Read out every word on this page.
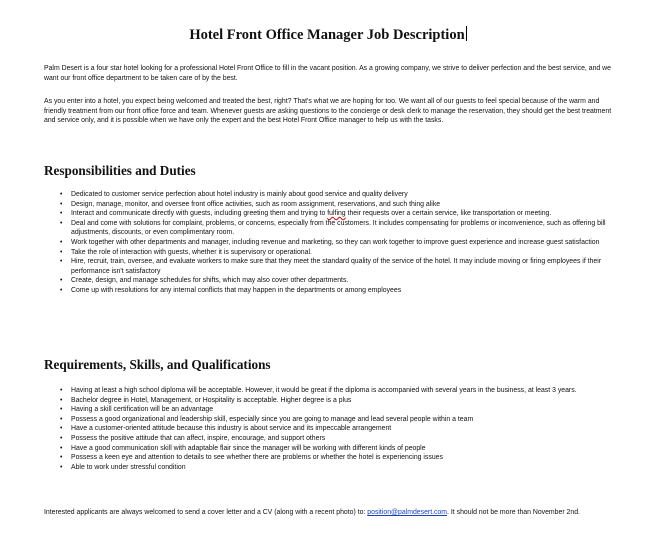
Hotel Front Office Manager Job Description

Palm Desert is a four star hotel looking for a professional Hotel Front Office to fill in the vacant position. As a growing company, we strive to deliver perfection and the best service, and we want our front office department to be taken care of by the best.

As you enter into a hotel, you expect being welcomed and treated the best, right? That's what we are hoping for too. We want all of our guests to feel special because of the warm and friendly treatment from our front office force and team. Whenever guests are asking questions to the concierge or desk clerk to manage the reservation, they should get the best treatment and service only, and it is possible when we have only the expert and the best Hotel Front Office manager to help us with the tasks.

Responsibilities and Duties
• Dedicated to customer service perfection about hotel industry is mainly about good service and quality delivery
• Design, manage, monitor, and oversee front office activities, such as room assignment, reservations, and such thing alike
• Interact and communicate directly with guests, including greeting them and trying to fulfing their requests over a certain service, like transportation or meeting.
• Deal and come with solutions for complaint, problems, or concerns, especially from the customers. It includes compensating for problems or inconvenience, such as offering bill adjustments, discounts, or even complimentary room.
• Work together with other departments and manager, including revenue and marketing, so they can work together to improve guest experience and increase guest satisfaction
• Take the role of interaction with guests, whether it is supervisory or operational.
• Hire, recruit, train, oversee, and evaluate workers to make sure that they meet the standard quality of the service of the hotel. It may include moving or firing employees if their performance isn't satisfactory
• Create, design, and manage schedules for shifts, which may also cover other departments.
• Come up with resolutions for any internal conflicts that may happen in the departments or among employees
Requirements, Skills, and Qualifications
• Having at least a high school diploma will be acceptable. However, it would be great if the diploma is accompanied with several years in the business, at least 3 years.
• Bachelor degree in Hotel, Management, or Hospitality is acceptable. Higher degree is a plus
• Having a skill certification will be an advantage
• Possess a good organizational and leadership skill, especially since you are going to manage and lead several people within a team
• Have a customer-oriented attitude because this industry is about service and its impeccable arrangement
• Possess the positive attitude that can affect, inspire, encourage, and support others
• Have a good communication skill with adaptable flair since the manager will be working with different kinds of people
• Possess a keen eye and attention to details to see whether there are problems or whether the hotel is experiencing issues
• Able to work under stressful condition

Interested applicants are always welcomed to send a cover letter and a CV (along with a recent photo) to: position@palmdesert.com. It should not be more than November 2nd.
